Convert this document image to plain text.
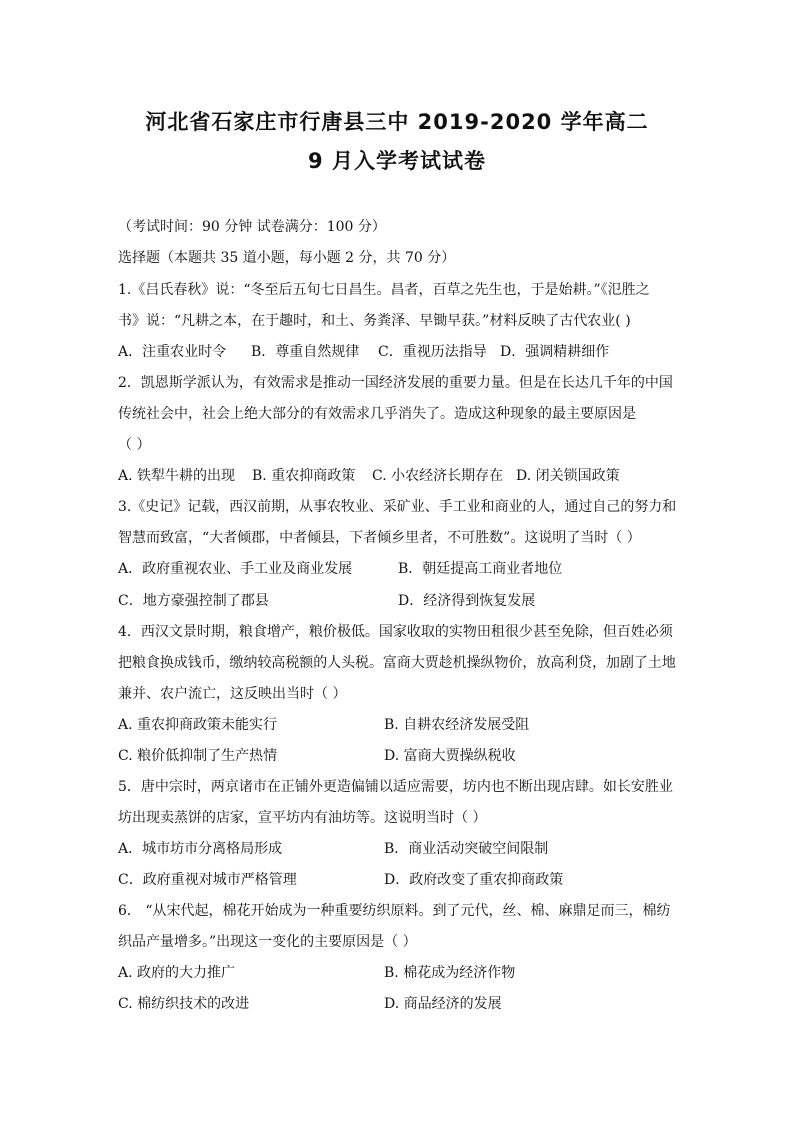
河北省石家庄市行唐县三中 2019-2020 学年高二
9 月入学考试试卷
（考试时间：90 分钟 试卷满分：100 分）
选择题（本题共 35 道小题，每小题 2 分，共 70 分）
1.《吕氏春秋》说：“冬至后五旬七日昌生。昌者，百草之先生也，于是始耕。”《氾胜之
书》说：“凡耕之本，在于趣时，和土、务粪泽、早锄早获。”材料反映了古代农业( )
A．注重农业时令 B．尊重自然规律 C．重视历法指导 D．强调精耕细作
2．凯恩斯学派认为，有效需求是推动一国经济发展的重要力量。但是在长达几千年的中国
传统社会中，社会上绝大部分的有效需求几乎消失了。造成这种现象的最主要原因是
（ ）
A. 铁犁牛耕的出现 B. 重农抑商政策 C. 小农经济长期存在 D. 闭关锁国政策
3.《史记》记载，西汉前期，从事农牧业、采矿业、手工业和商业的人，通过自己的努力和
智慧而致富，“大者倾郡，中者倾县，下者倾乡里者，不可胜数”。这说明了当时（ ）
A．政府重视农业、手工业及商业发展	B．朝廷提高工商业者地位
C．地方豪强控制了郡县	D．经济得到恢复发展
4．西汉文景时期，粮食增产，粮价极低。国家收取的实物田租很少甚至免除，但百姓必须
把粮食换成钱币，缴纳较高税额的人头税。富商大贾趁机操纵物价，放高利贷，加剧了土地
兼并、农户流亡，这反映出当时（ ）
A. 重农抑商政策未能实行	B. 自耕农经济发展受阻
C. 粮价低抑制了生产热情	D. 富商大贾操纵税收
5．唐中宗时，两京诸市在正铺外更造偏铺以适应需要，坊内也不断出现店肆。如长安胜业
坊出现卖蒸饼的店家，宣平坊内有油坊等。这说明当时（ ）
A．城市坊市分离格局形成	B．商业活动突破空间限制
C．政府重视对城市严格管理	D．政府改变了重农抑商政策
6． “从宋代起，棉花开始成为一种重要纺织原料。到了元代，丝、棉、麻鼎足而三，棉纺
织品产量增多。”出现这一变化的主要原因是（ ）
A. 政府的大力推广	B. 棉花成为经济作物
C. 棉纺织技术的改进	D. 商品经济的发展
